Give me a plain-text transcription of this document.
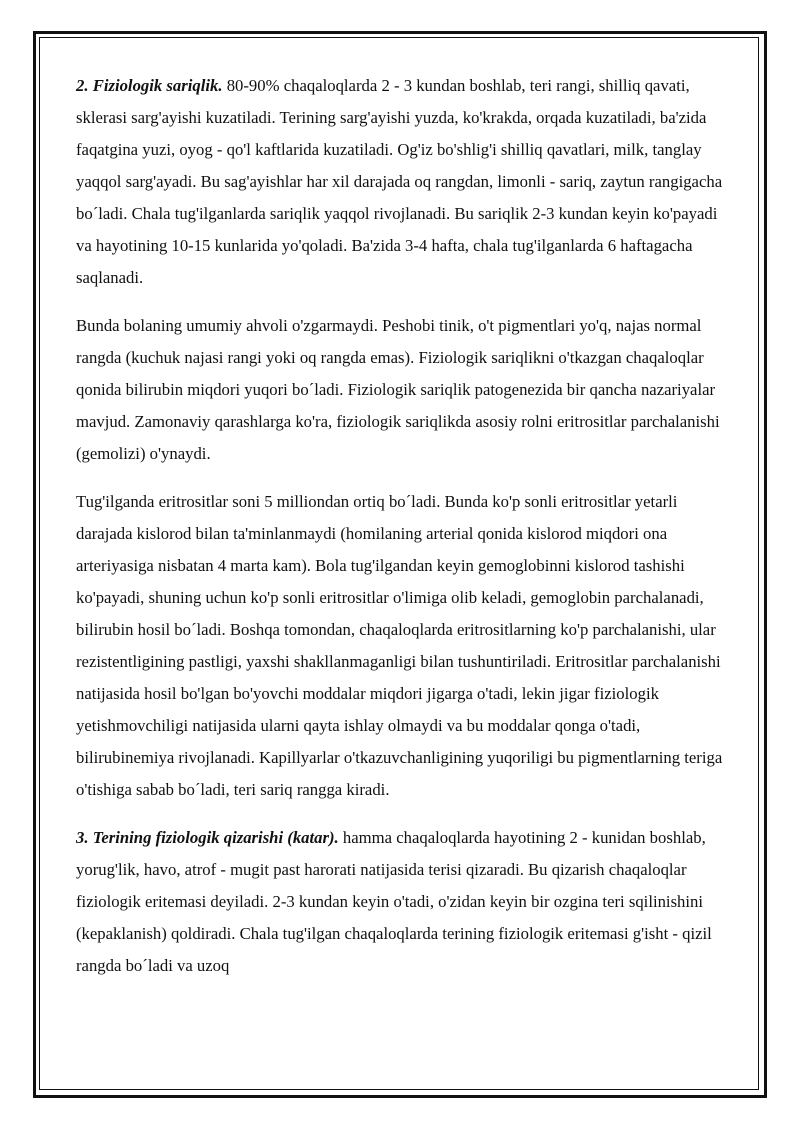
2. Fiziologik sariqlik. 80-90% chaqaloqlarda 2 - 3 kundan boshlab, teri rangi, shilliq qavati, sklerasi sarg'ayishi kuzatiladi. Terining sarg'ayishi yuzda, ko'krakda, orqada kuzatiladi, ba'zida faqatgina yuzi, oyog - qo'l kaftlarida kuzatiladi. Og'iz bo'shlig'i shilliq qavatlari, milk, tanglay yaqqol sarg'ayadi. Bu sag'ayishlar har xil darajada oq rangdan, limonli - sariq, zaytun rangigacha bo´ladi. Chala tug'ilganlarda sariqlik yaqqol rivojlanadi. Bu sariqlik 2-3 kundan keyin ko'payadi va hayotining 10-15 kunlarida yo'qoladi. Ba'zida 3-4 hafta, chala tug'ilganlarda 6 haftagacha saqlanadi.

Bunda bolaning umumiy ahvoli o'zgarmaydi. Peshobi tinik, o't pigmentlari yo'q, najas normal rangda (kuchuk najasi rangi yoki oq rangda emas). Fiziologik sariqlikni o'tkazgan chaqaloqlar qonida bilirubin miqdori yuqori bo´ladi. Fiziologik sariqlik patogenezida bir qancha nazariyalar mavjud. Zamonaviy qarashlarga ko'ra, fiziologik sariqlikda asosiy rolni eritrositlar parchalanishi (gemolizi) o'ynaydi.

Tug'ilganda eritrositlar soni 5 milliondan ortiq bo´ladi. Bunda ko'p sonli eritrositlar yetarli darajada kislorod bilan ta'minlanmaydi (homilaning arterial qonida kislorod miqdori ona arteriyasiga nisbatan 4 marta kam). Bola tug'ilgandan keyin gemoglobinni kislorod tashishi ko'payadi, shuning uchun ko'p sonli eritrositlar o'limiga olib keladi, gemoglobin parchalanadi, bilirubin hosil bo´ladi. Boshqa tomondan, chaqaloqlarda eritrositlarning ko'p parchalanishi, ular rezistentligining pastligi, yaxshi shakllanmaganligi bilan tushuntiriladi. Eritrositlar parchalanishi natijasida hosil bo'lgan bo'yovchi moddalar miqdori jigarga o'tadi, lekin jigar fiziologik yetishmovchiligi natijasida ularni qayta ishlay olmaydi va bu moddalar qonga o'tadi, bilirubinemiya rivojlanadi. Kapillyarlar o'tkazuvchanligining yuqoriligi bu pigmentlarning teriga o'tishiga sabab bo´ladi, teri sariq rangga kiradi.

3. Terining fiziologik qizarishi (katar). hamma chaqaloqlarda hayotining 2 - kunidan boshlab, yorug'lik, havo, atrof - mugit past harorati natijasida terisi qizaradi. Bu qizarish chaqaloqlar fiziologik eritemasi deyiladi. 2-3 kundan keyin o'tadi, o'zidan keyin bir ozgina teri sqilinishini (kepaklanish) qoldiradi. Chala tug'ilgan chaqaloqlarda terining fiziologik eritemasi g'isht - qizil rangda bo´ladi va uzoq
